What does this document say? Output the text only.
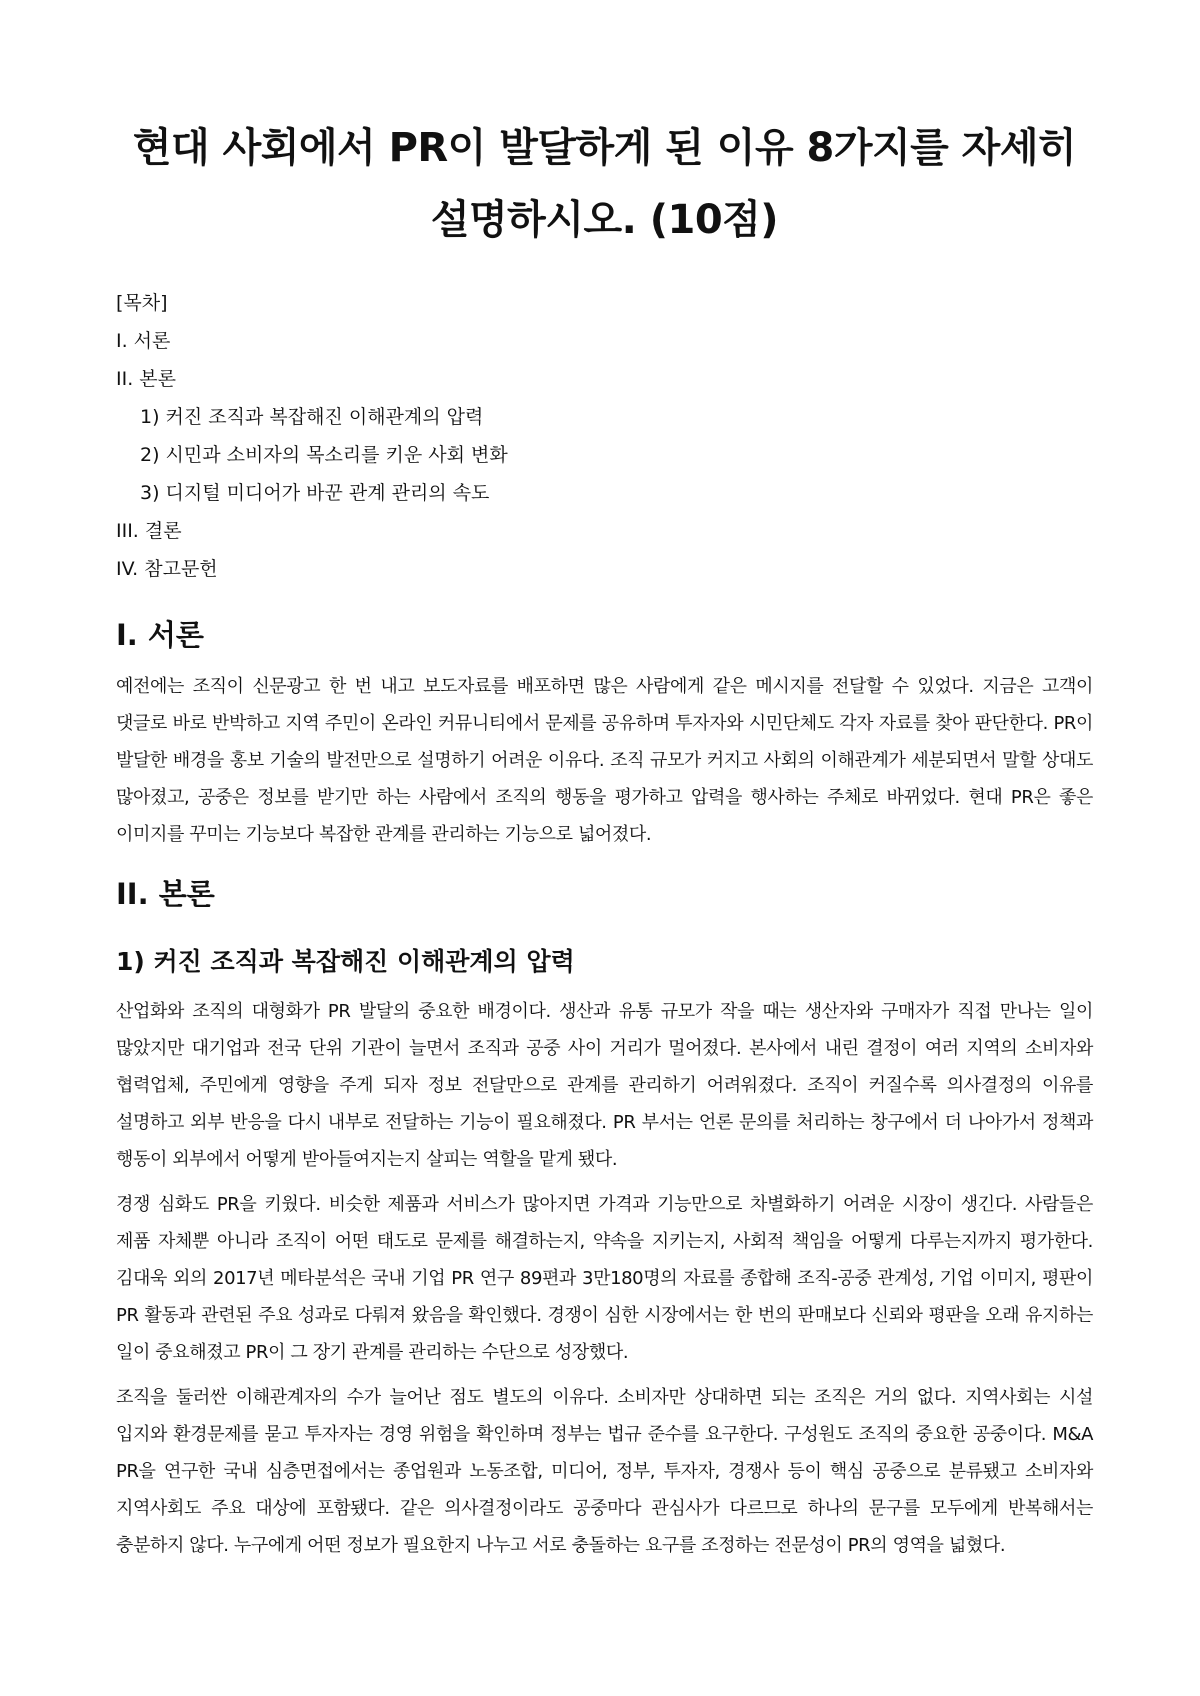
현대 사회에서 PR이 발달하게 된 이유 8가지를 자세히 설명하시오. (10점)
[목차]
I. 서론
II. 본론
1) 커진 조직과 복잡해진 이해관계의 압력
2) 시민과 소비자의 목소리를 키운 사회 변화
3) 디지털 미디어가 바꾼 관계 관리의 속도
III. 결론
IV. 참고문헌
I. 서론

예전에는 조직이 신문광고 한 번 내고 보도자료를 배포하면 많은 사람에게 같은 메시지를 전달할 수 있었다. 지금은 고객이 댓글로 바로 반박하고 지역 주민이 온라인 커뮤니티에서 문제를 공유하며 투자자와 시민단체도 각자 자료를 찾아 판단한다. PR이 발달한 배경을 홍보 기술의 발전만으로 설명하기 어려운 이유다. 조직 규모가 커지고 사회의 이해관계가 세분되면서 말할 상대도 많아졌고, 공중은 정보를 받기만 하는 사람에서 조직의 행동을 평가하고 압력을 행사하는 주체로 바뀌었다. 현대 PR은 좋은 이미지를 꾸미는 기능보다 복잡한 관계를 관리하는 기능으로 넓어졌다.

II. 본론
1) 커진 조직과 복잡해진 이해관계의 압력

산업화와 조직의 대형화가 PR 발달의 중요한 배경이다. 생산과 유통 규모가 작을 때는 생산자와 구매자가 직접 만나는 일이 많았지만 대기업과 전국 단위 기관이 늘면서 조직과 공중 사이 거리가 멀어졌다. 본사에서 내린 결정이 여러 지역의 소비자와 협력업체, 주민에게 영향을 주게 되자 정보 전달만으로 관계를 관리하기 어려워졌다. 조직이 커질수록 의사결정의 이유를 설명하고 외부 반응을 다시 내부로 전달하는 기능이 필요해졌다. PR 부서는 언론 문의를 처리하는 창구에서 더 나아가서 정책과 행동이 외부에서 어떻게 받아들여지는지 살피는 역할을 맡게 됐다.

경쟁 심화도 PR을 키웠다. 비슷한 제품과 서비스가 많아지면 가격과 기능만으로 차별화하기 어려운 시장이 생긴다. 사람들은 제품 자체뿐 아니라 조직이 어떤 태도로 문제를 해결하는지, 약속을 지키는지, 사회적 책임을 어떻게 다루는지까지 평가한다. 김대욱 외의 2017년 메타분석은 국내 기업 PR 연구 89편과 3만180명의 자료를 종합해 조직-공중 관계성, 기업 이미지, 평판이 PR 활동과 관련된 주요 성과로 다뤄져 왔음을 확인했다. 경쟁이 심한 시장에서는 한 번의 판매보다 신뢰와 평판을 오래 유지하는 일이 중요해졌고 PR이 그 장기 관계를 관리하는 수단으로 성장했다.

조직을 둘러싼 이해관계자의 수가 늘어난 점도 별도의 이유다. 소비자만 상대하면 되는 조직은 거의 없다. 지역사회는 시설 입지와 환경문제를 묻고 투자자는 경영 위험을 확인하며 정부는 법규 준수를 요구한다. 구성원도 조직의 중요한 공중이다. M&A PR을 연구한 국내 심층면접에서는 종업원과 노동조합, 미디어, 정부, 투자자, 경쟁사 등이 핵심 공중으로 분류됐고 소비자와 지역사회도 주요 대상에 포함됐다. 같은 의사결정이라도 공중마다 관심사가 다르므로 하나의 문구를 모두에게 반복해서는 충분하지 않다. 누구에게 어떤 정보가 필요한지 나누고 서로 충돌하는 요구를 조정하는 전문성이 PR의 영역을 넓혔다.
